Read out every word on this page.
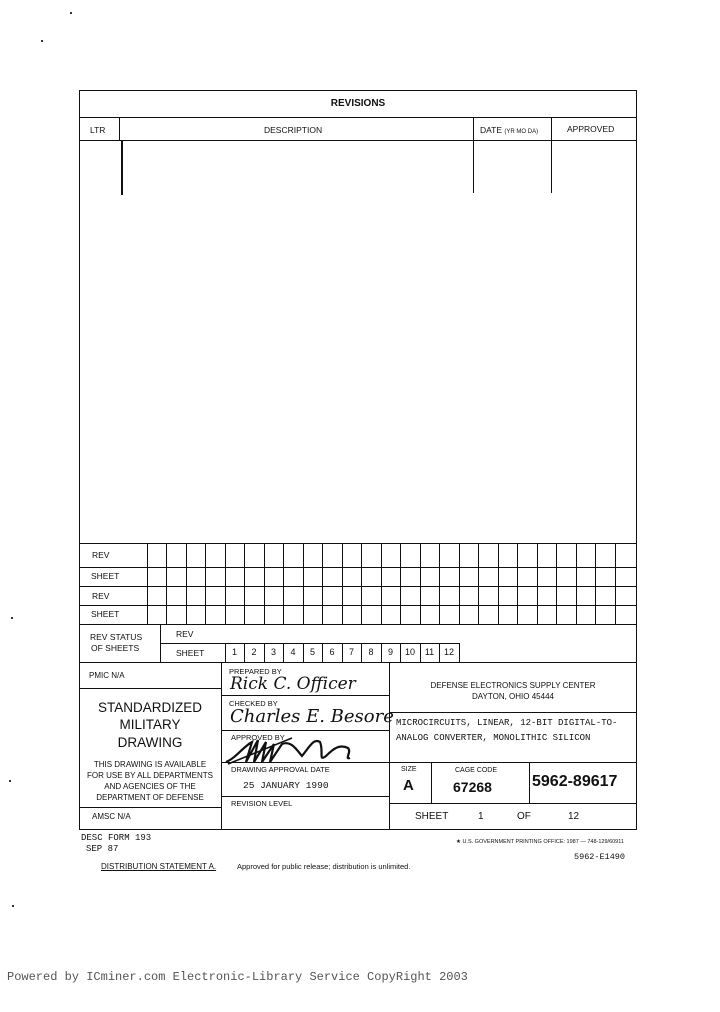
REVISIONS
LTR	DESCRIPTION	DATE (YR MO DA)	APPROVED
REV
SHEET
REV
SHEET
REV STATUS
OF SHEETS
REV
SHEET	1	2	3	4	5	6	7	8	9	10	11	12
PMIC N/A
STANDARDIZED
MILITARY
DRAWING
THIS DRAWING IS AVAILABLE
FOR USE BY ALL DEPARTMENTS
AND AGENCIES OF THE
DEPARTMENT OF DEFENSE
AMSC N/A
PREPARED BY
Rick C. Officer
CHECKED BY
Charles E. Besore
APPROVED BY
DRAWING APPROVAL DATE
25 JANUARY 1990
REVISION LEVEL
DEFENSE ELECTRONICS SUPPLY CENTER
DAYTON, OHIO 45444
MICROCIRCUITS, LINEAR, 12-BIT DIGITAL-TO-
ANALOG CONVERTER, MONOLITHIC SILICON
SIZE
A
CAGE CODE
67268	5962-89617
SHEET	1	OF	12
DESC FORM 193
SEP 87
★ U.S. GOVERNMENT PRINTING OFFICE: 1987 — 748-129/60911
5962-E1490
DISTRIBUTION STATEMENT A.	Approved for public release; distribution is unlimited.
Powered by ICminer.com Electronic-Library Service CopyRight 2003
